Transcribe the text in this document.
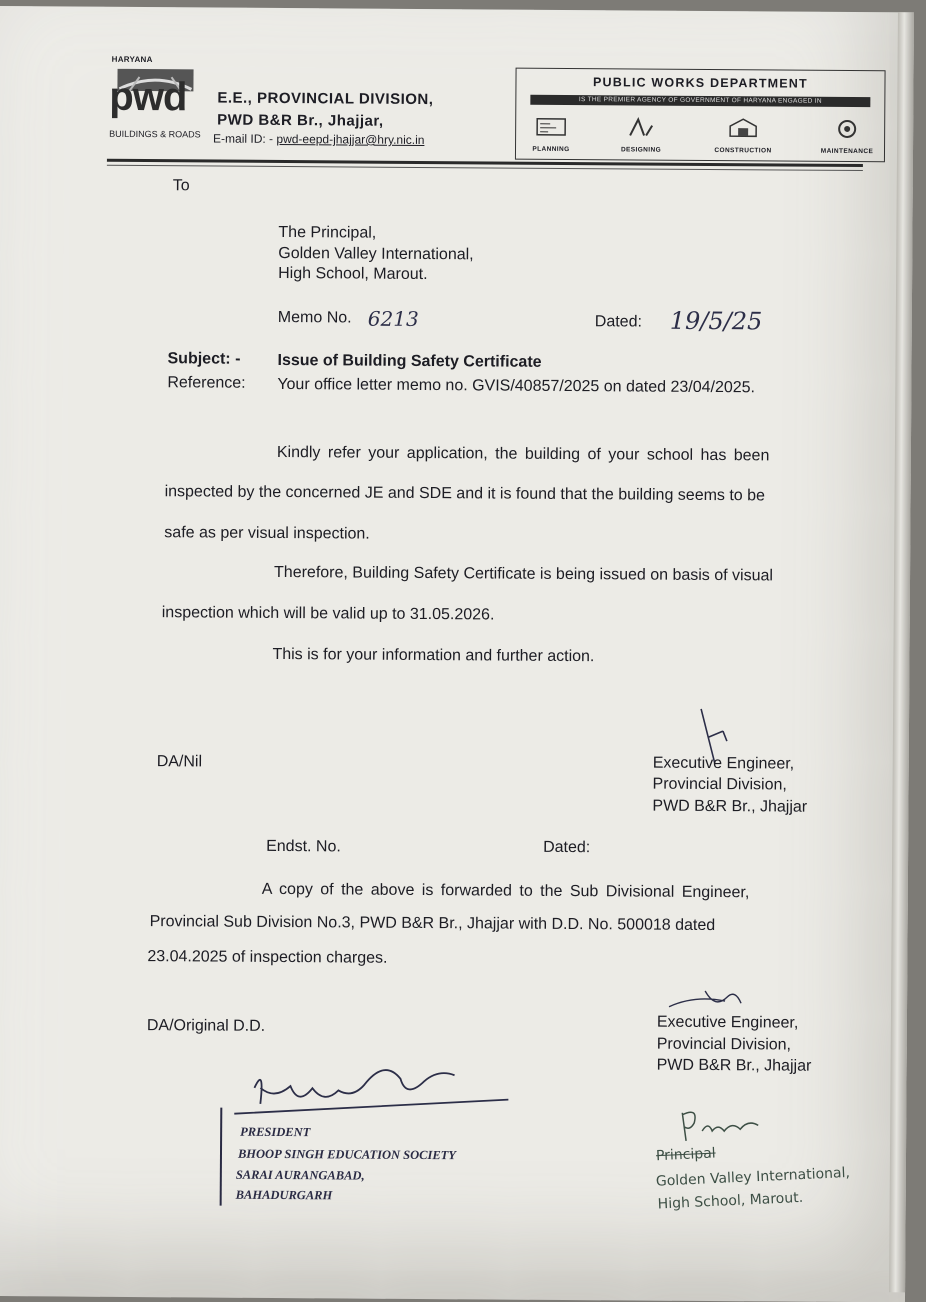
HARYANA
pwd
BUILDINGS & ROADS
E.E., PROVINCIAL DIVISION,
PWD B&R Br., Jhajjar,
E-mail ID: - pwd-eepd-jhajjar@hry.nic.in
PUBLIC WORKS DEPARTMENT
IS THE PREMIER AGENCY OF GOVERNMENT OF HARYANA ENGAGED IN
PLANNING	DESIGNING	CONSTRUCTION	MAINTENANCE
To
The Principal,
Golden Valley International,
High School, Marout.
Memo No. 6213	Dated: 19/5/25
Subject: - Issue of Building Safety Certificate
Reference: Your office letter memo no. GVIS/40857/2025 on dated 23/04/2025.
Kindly refer your application, the building of your school has been
inspected by the concerned JE and SDE and it is found that the building seems to be
safe as per visual inspection.
Therefore, Building Safety Certificate is being issued on basis of visual
inspection which will be valid up to 31.05.2026.
This is for your information and further action.
DA/Nil	Executive Engineer,
Provincial Division,
PWD B&R Br., Jhajjar
Endst. No.	Dated:
A copy of the above is forwarded to the Sub Divisional Engineer,
Provincial Sub Division No.3, PWD B&R Br., Jhajjar with D.D. No. 500018 dated
23.04.2025 of inspection charges.
DA/Original D.D.	Executive Engineer,
Provincial Division,
PWD B&R Br., Jhajjar
PRESIDENT
BHOOP SINGH EDUCATION SOCIETY
SARAI AURANGABAD,
BAHADURGARH
Principal
Golden Valley International,
High School, Marout.
